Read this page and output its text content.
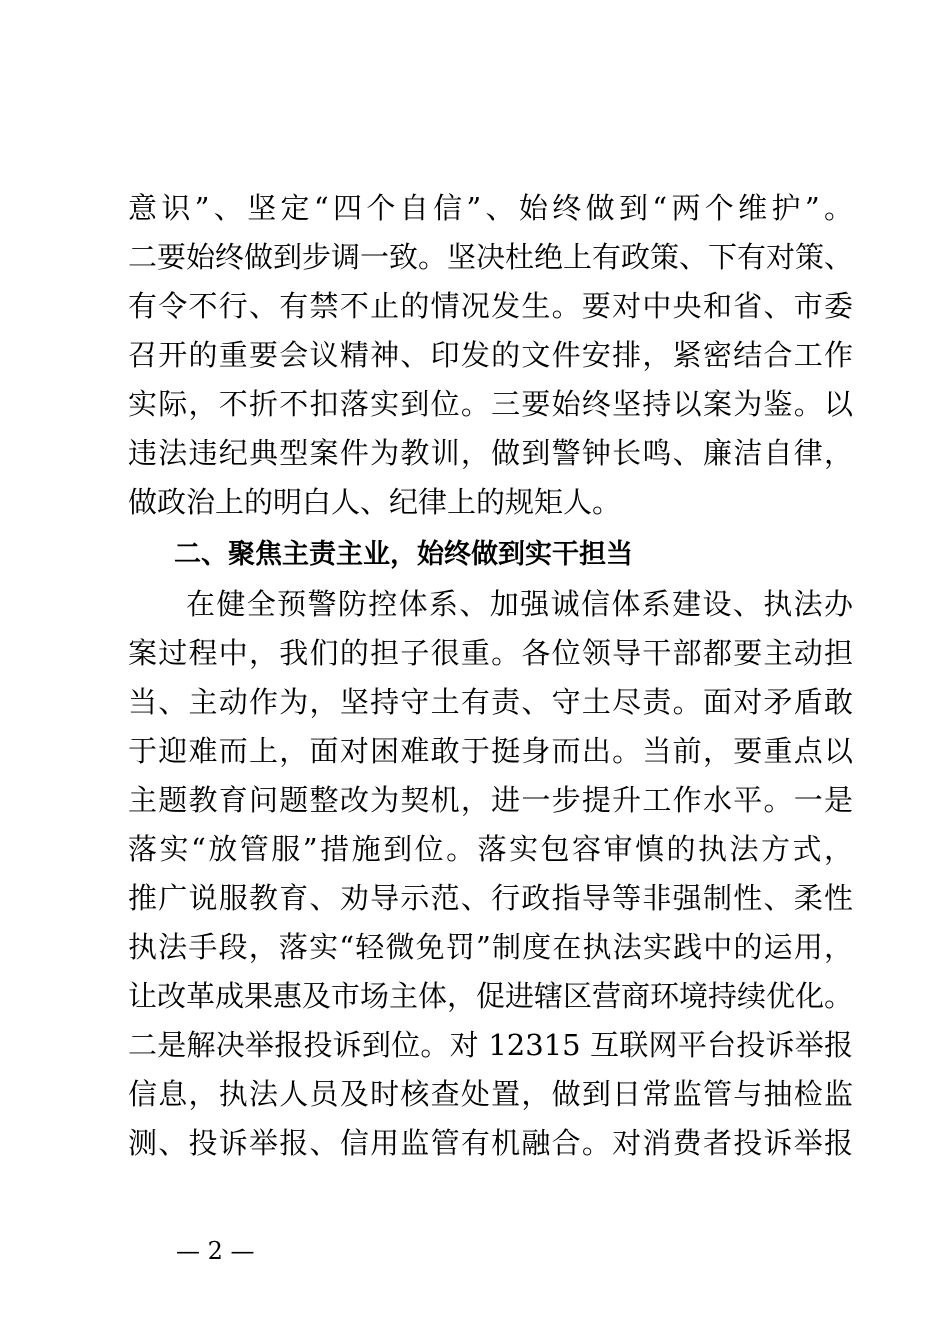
意识”、坚定“四个自信”、始终做到“两个维护”。
二要始终做到步调一致。坚决杜绝上有政策、下有对策、
有令不行、有禁不止的情况发生。要对中央和省、市委
召开的重要会议精神、印发的文件安排，紧密结合工作
实际，不折不扣落实到位。三要始终坚持以案为鉴。以
违法违纪典型案件为教训，做到警钟长鸣、廉洁自律，
做政治上的明白人、纪律上的规矩人。
二、聚焦主责主业，始终做到实干担当
在健全预警防控体系、加强诚信体系建设、执法办
案过程中，我们的担子很重。各位领导干部都要主动担
当、主动作为，坚持守土有责、守土尽责。面对矛盾敢
于迎难而上，面对困难敢于挺身而出。当前，要重点以
主题教育问题整改为契机，进一步提升工作水平。一是
落实“放管服”措施到位。落实包容审慎的执法方式，
推广说服教育、劝导示范、行政指导等非强制性、柔性
执法手段，落实“轻微免罚”制度在执法实践中的运用，
让改革成果惠及市场主体，促进辖区营商环境持续优化。
二是解决举报投诉到位。对 12315 互联网平台投诉举报
信息，执法人员及时核查处置，做到日常监管与抽检监
测、投诉举报、信用监管有机融合。对消费者投诉举报
— 2 —
